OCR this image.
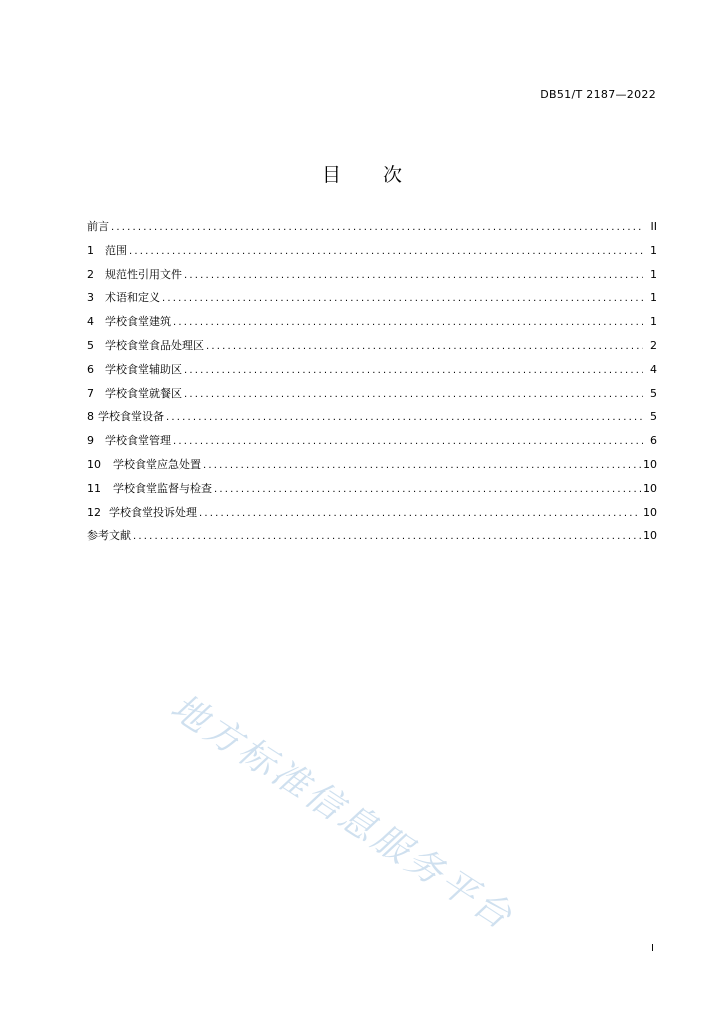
DB51/T 2187—2022
目 次
前言 .....	II
1	范围 .....	1
2	规范性引用文件 .....	1
3	术语和定义 .....	1
4	学校食堂建筑 .....	1
5	学校食堂食品处理区 .....	2
6	学校食堂辅助区 .....	4
7	学校食堂就餐区 .....	5
8 学校食堂设备 .....	5
9	学校食堂管理 .....	6
10	学校食堂应急处置 .....	10
11	学校食堂监督与检查 .....	10
12 学校食堂投诉处理 .....	10
参考文献 .....	10
地方标准信息服务平台
I
